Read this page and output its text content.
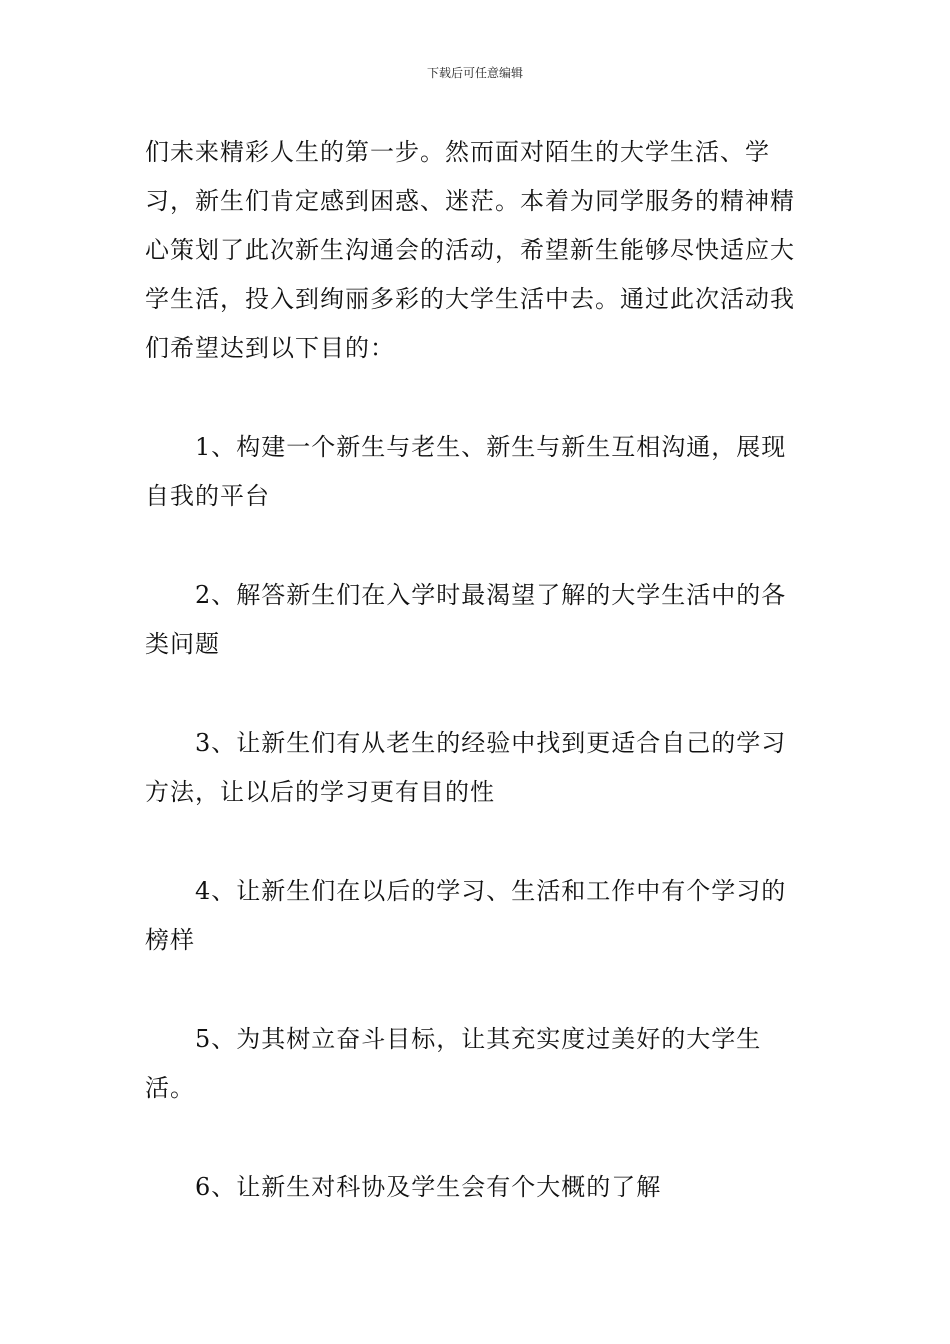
下载后可任意编辑

们未来精彩人生的第一步。然而面对陌生的大学生活、学习，新生们肯定感到困惑、迷茫。本着为同学服务的精神精心策划了此次新生沟通会的活动，希望新生能够尽快适应大学生活，投入到绚丽多彩的大学生活中去。通过此次活动我们希望达到以下目的：

1、构建一个新生与老生、新生与新生互相沟通，展现自我的平台

2、解答新生们在入学时最渴望了解的大学生活中的各类问题

3、让新生们有从老生的经验中找到更适合自己的学习方法，让以后的学习更有目的性

4、让新生们在以后的学习、生活和工作中有个学习的榜样

5、为其树立奋斗目标，让其充实度过美好的大学生活。

6、让新生对科协及学生会有个大概的了解
